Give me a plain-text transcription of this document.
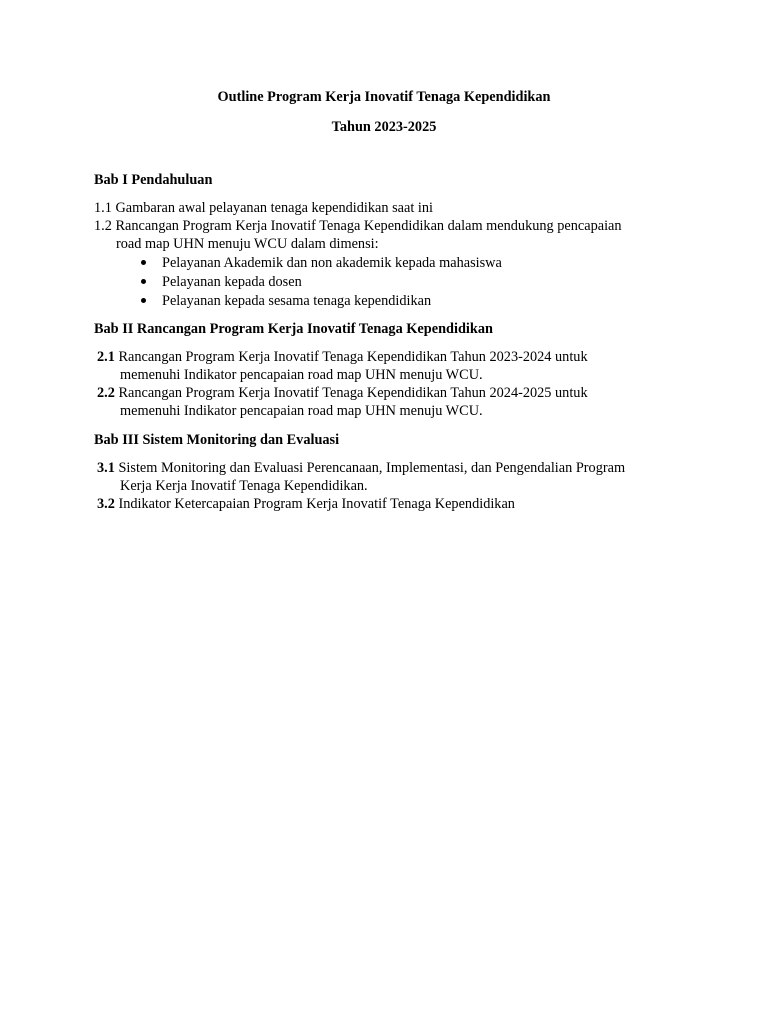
Outline Program Kerja Inovatif Tenaga Kependidikan
Tahun 2023-2025
Bab I Pendahuluan
1.1 Gambaran awal pelayanan tenaga kependidikan saat ini
1.2 Rancangan Program Kerja Inovatif Tenaga Kependidikan dalam mendukung pencapaian
road map UHN menuju WCU dalam dimensi:
Pelayanan Akademik dan non akademik kepada mahasiswa
Pelayanan kepada dosen
Pelayanan kepada sesama tenaga kependidikan
Bab II Rancangan Program Kerja Inovatif Tenaga Kependidikan
2.1 Rancangan Program Kerja Inovatif Tenaga Kependidikan Tahun 2023-2024 untuk
memenuhi Indikator pencapaian road map UHN menuju WCU.
2.2 Rancangan Program Kerja Inovatif Tenaga Kependidikan Tahun 2024-2025 untuk
memenuhi Indikator pencapaian road map UHN menuju WCU.
Bab III Sistem Monitoring dan Evaluasi
3.1 Sistem Monitoring dan Evaluasi Perencanaan, Implementasi, dan Pengendalian Program
Kerja Kerja Inovatif Tenaga Kependidikan.
3.2 Indikator Ketercapaian Program Kerja Inovatif Tenaga Kependidikan
